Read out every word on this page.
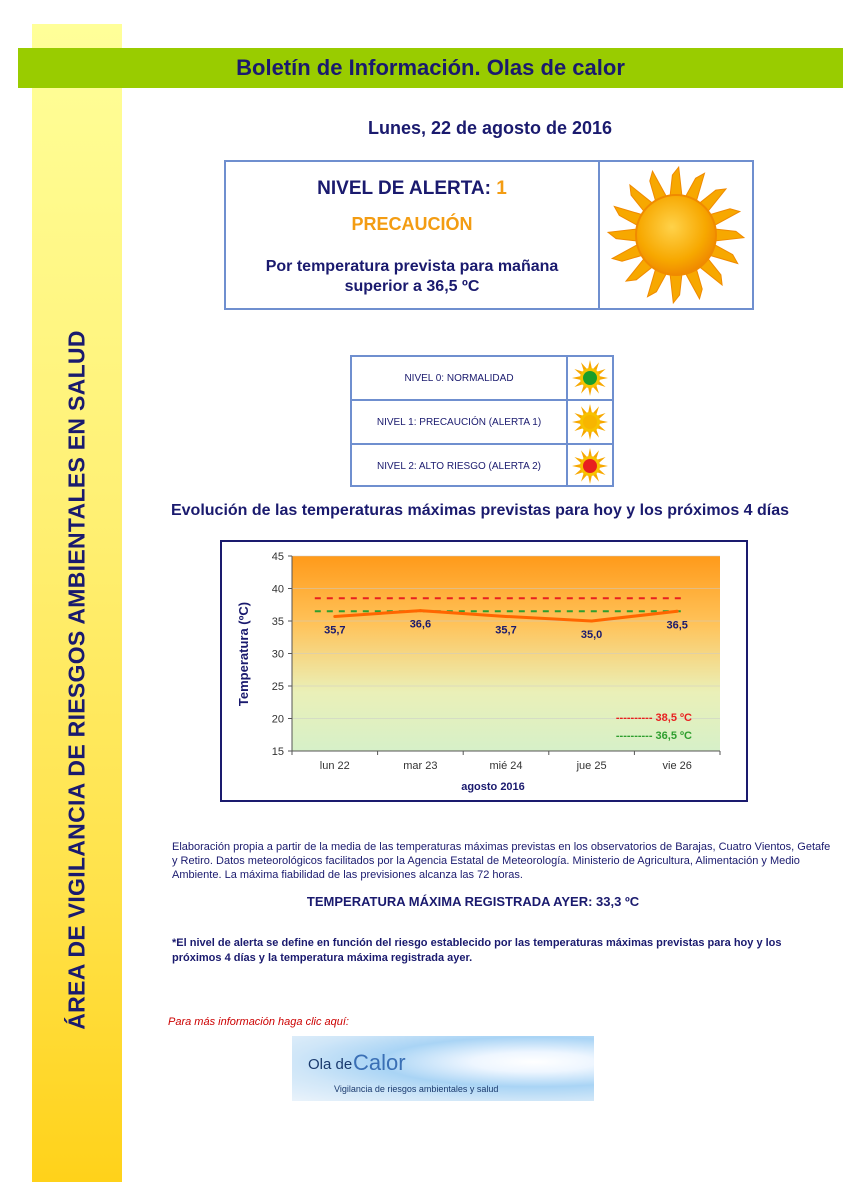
ÁREA DE VIGILANCIA DE RIESGOS AMBIENTALES EN SALUD
Boletín de Información. Olas de calor
Lunes, 22 de agosto de 2016
NIVEL DE ALERTA: 1
PRECAUCIÓN
Por temperatura prevista para mañana
superior a 36,5 ºC
NIVEL 0: NORMALIDAD
NIVEL 1: PRECAUCIÓN (ALERTA 1)
NIVEL 2: ALTO RIESGO (ALERTA 2)
Evolución de las temperaturas máximas previstas para hoy y los próximos 4 días
15
20
25
30
35
40
45
lun 22	mar 23	mié 24	jue 25	vie 26
35,7	36,6	35,7	35,0
36,5
Temperatura (ºC)
agosto 2016
---------- 38,5 ºC
---------- 36,5 ºC
Elaboración propia a partir de la media de las temperaturas máximas previstas en los observatorios de Barajas, Cuatro Vientos, Getafe y Retiro. Datos meteorológicos facilitados por la Agencia Estatal de Meteorología. Ministerio de Agricultura, Alimentación y Medio Ambiente. La máxima fiabilidad de las previsiones alcanza las 72 horas.
TEMPERATURA MÁXIMA REGISTRADA AYER: 33,3 ºC
*El nivel de alerta se define en función del riesgo establecido por las temperaturas máximas previstas para hoy y los próximos 4 días y la temperatura máxima registrada ayer.
Para más información haga clic aquí:
Ola de Calor
Vigilancia de riesgos ambientales y salud
